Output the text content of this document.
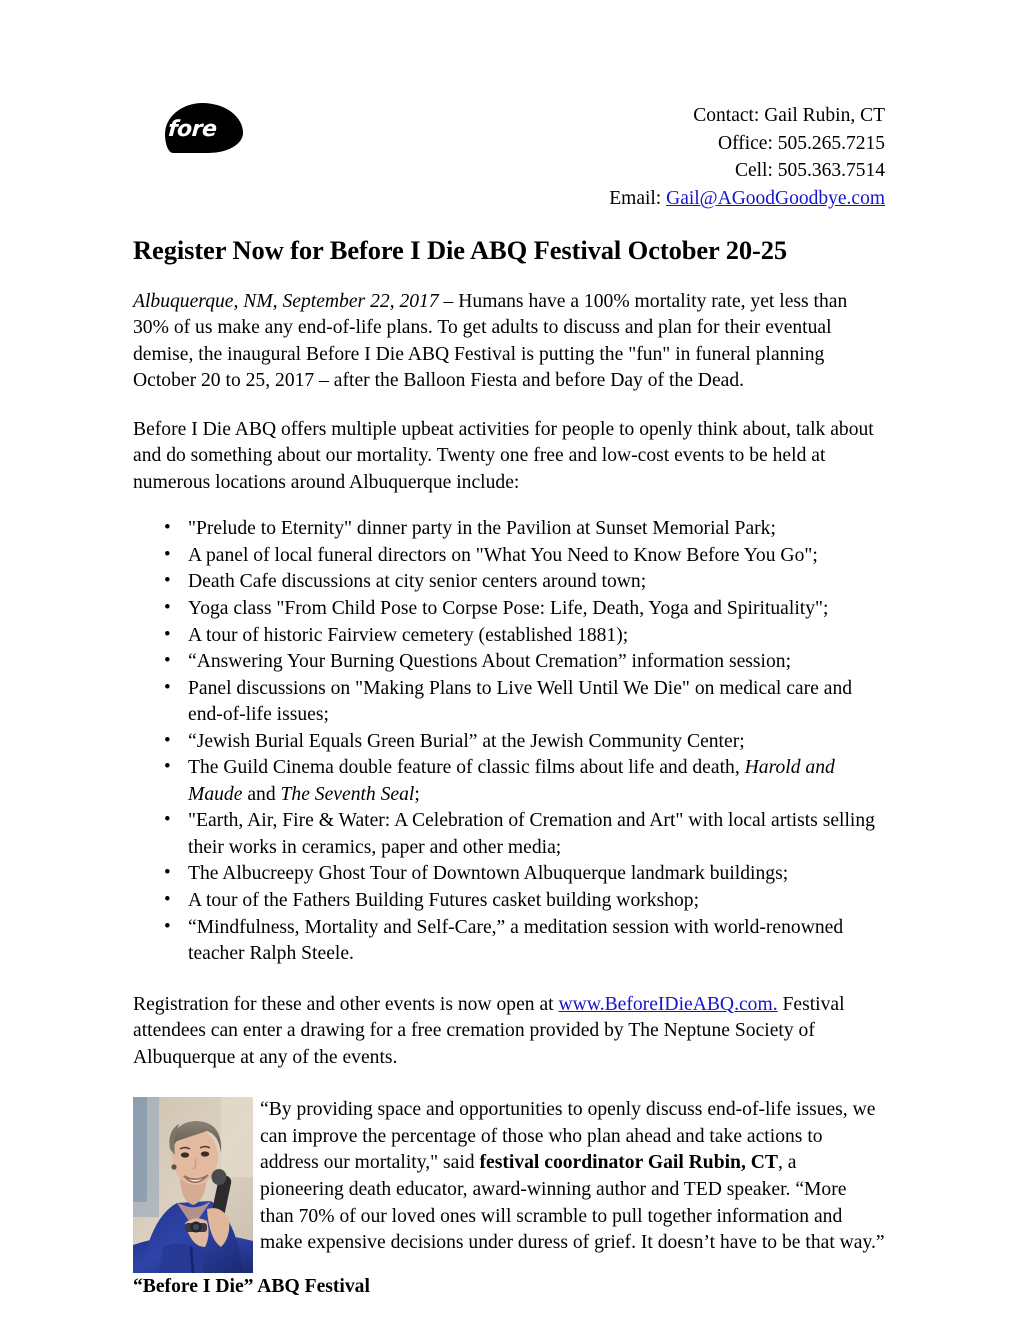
fore
Contact: Gail Rubin, CT
Office: 505.265.7215
Cell: 505.363.7514
Email: Gail@AGoodGoodbye.com
Register Now for Before I Die ABQ Festival October 20-25

Albuquerque, NM, September 22, 2017 – Humans have a 100% mortality rate, yet less than 30% of us make any end-of-life plans. To get adults to discuss and plan for their eventual demise, the inaugural Before I Die ABQ Festival is putting the "fun" in funeral planning October 20 to 25, 2017 – after the Balloon Fiesta and before Day of the Dead.

Before I Die ABQ offers multiple upbeat activities for people to openly think about, talk about and do something about our mortality. Twenty one free and low-cost events to be held at numerous locations around Albuquerque include:

• "Prelude to Eternity" dinner party in the Pavilion at Sunset Memorial Park;
• A panel of local funeral directors on "What You Need to Know Before You Go";
• Death Cafe discussions at city senior centers around town;
• Yoga class "From Child Pose to Corpse Pose: Life, Death, Yoga and Spirituality";
• A tour of historic Fairview cemetery (established 1881);
• “Answering Your Burning Questions About Cremation” information session;
• Panel discussions on "Making Plans to Live Well Until We Die" on medical care and end-of-life issues;
• “Jewish Burial Equals Green Burial” at the Jewish Community Center;
• The Guild Cinema double feature of classic films about life and death, Harold and Maude and The Seventh Seal;
• "Earth, Air, Fire & Water: A Celebration of Cremation and Art" with local artists selling their works in ceramics, paper and other media;
• The Albucreepy Ghost Tour of Downtown Albuquerque landmark buildings;
• A tour of the Fathers Building Futures casket building workshop;
• “Mindfulness, Mortality and Self-Care,” a meditation session with world-renowned teacher Ralph Steele.

Registration for these and other events is now open at www.BeforeIDieABQ.com. Festival attendees can enter a drawing for a free cremation provided by The Neptune Society of Albuquerque at any of the events.

“By providing space and opportunities to openly discuss end-of-life issues, we can improve the percentage of those who plan ahead and take actions to address our mortality," said festival coordinator Gail Rubin, CT, a pioneering death educator, award-winning author and TED speaker. “More than 70% of our loved ones will scramble to pull together information and make expensive decisions under duress of grief. It doesn’t have to be that way.”
“Before I Die” ABQ Festival
